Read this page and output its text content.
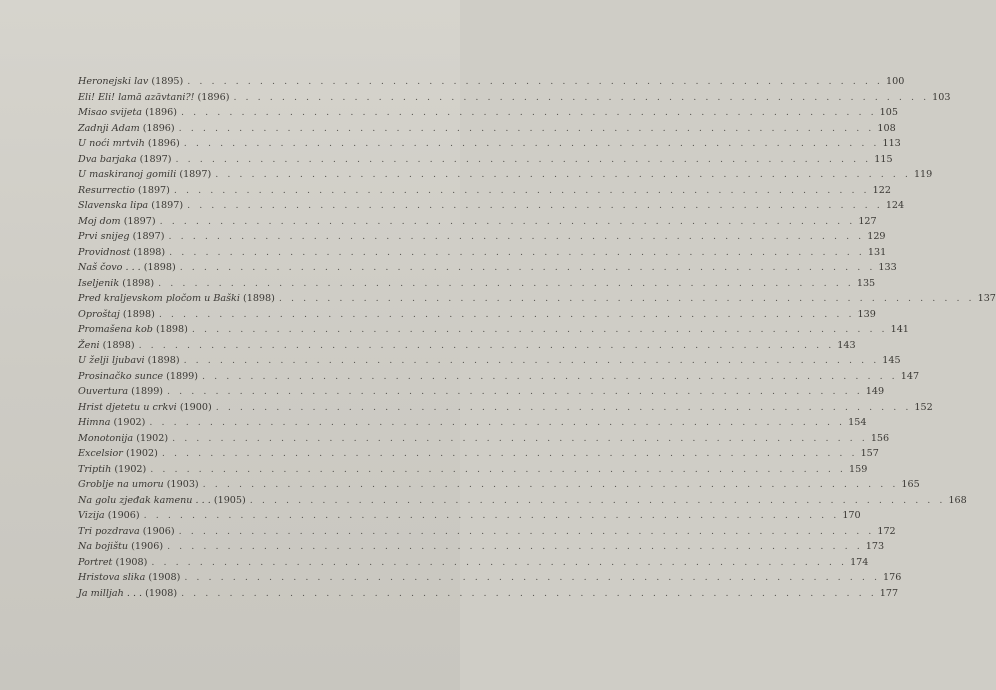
Heronejski lav (1895) . . .	100
Eli! Eli! lamā azāvtani?! (1896) . . .	103
Misao svijeta (1896) . . .	105
Zadnji Adam (1896) . . .	108
U noći mrtvih (1896) . . .	113
Dva barjaka (1897) . . .	115
U maskiranoj gomili (1897) . . .	119
Resurrectio (1897) . . .	122
Slavenska lipa (1897) . . .	124
Moj dom (1897) . . .	127
Prvi snijeg (1897) . . .	129
Providnost (1898) . . .	131
Naš čovo . . . (1898) . . .	133
Iseljenik (1898) . . .	135
Pred kraljevskom pločom u Baški (1898) . . .	137
Oproštaj (1898) . . .	139
Promašena kob (1898) . . .	141
Ženi (1898) . . .	143
U želji ljubavi (1898) . . .	145
Prosinačko sunce (1899) . . .	147
Ouvertura (1899) . . .	149
Hrist djetetu u crkvi (1900) . . .	152
Himna (1902) . . .	154
Monotonija (1902) . . .	156
Excelsior (1902) . . .	157
Triptih (1902) . . .	159
Groblje na umoru (1903) . . .	165
Na golu zjeđak kamenu . . . (1905) . . .	168
Vizija (1906) . . .	170
Tri pozdrava (1906) . . .	172
Na bojištu (1906) . . .	173
Portret (1908) . . .	174
Hristova slika (1908) . . .	176
Ja milljah . . . (1908) . . .	177
